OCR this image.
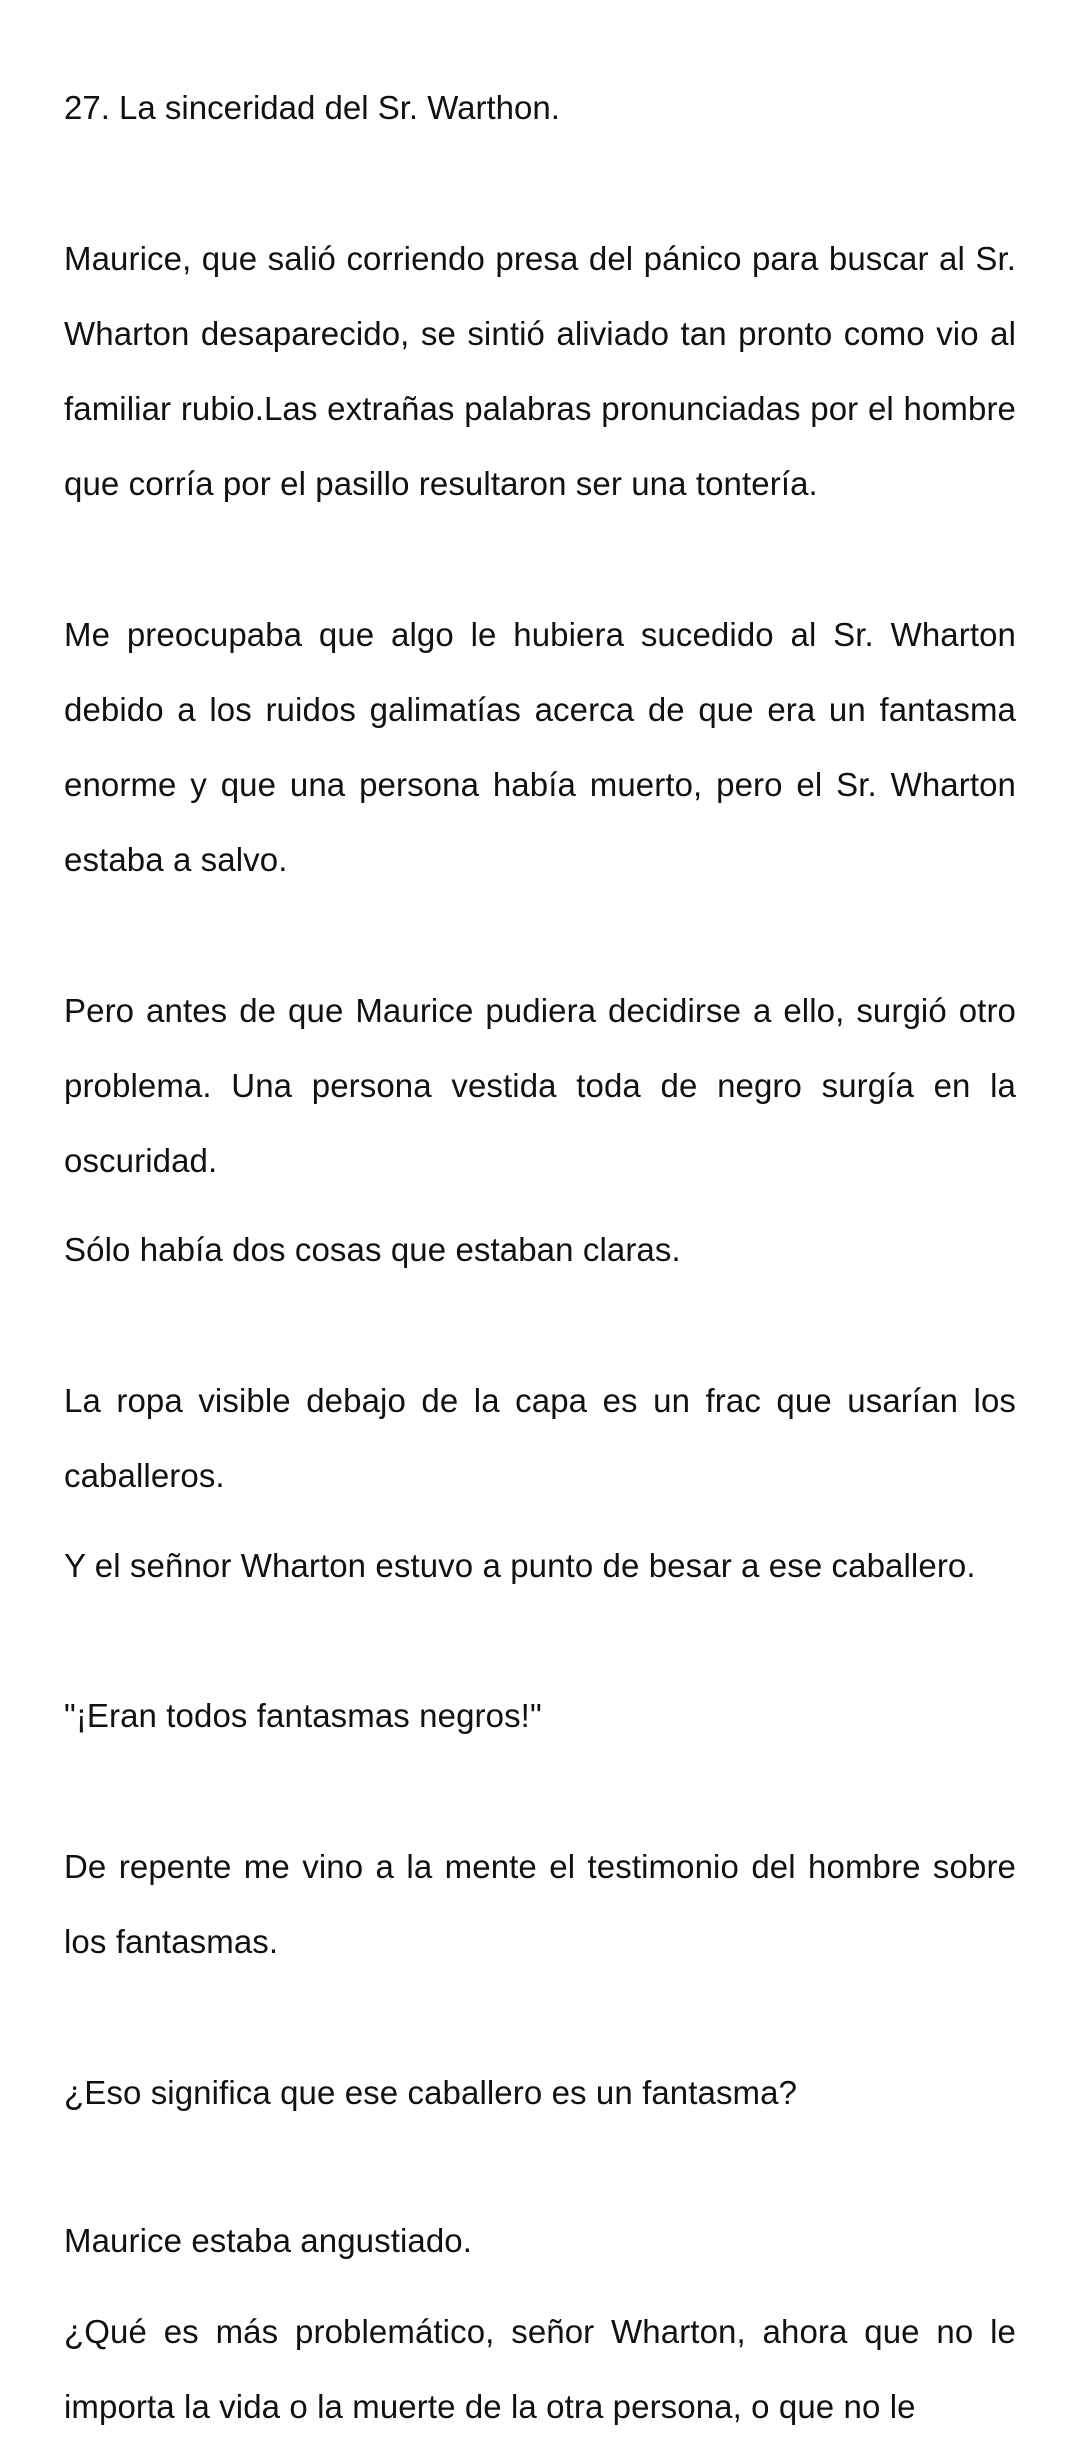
27. La sinceridad del Sr. Warthon.

Maurice, que salió corriendo presa del pánico para buscar al Sr. Wharton desaparecido, se sintió aliviado tan pronto como vio al familiar rubio.Las extrañas palabras pronunciadas por el hombre que corría por el pasillo resultaron ser una tontería.

Me preocupaba que algo le hubiera sucedido al Sr. Wharton debido a los ruidos galimatías acerca de que era un fantasma enorme y que una persona había muerto, pero el Sr. Wharton estaba a salvo.

Pero antes de que Maurice pudiera decidirse a ello, surgió otro problema. Una persona vestida toda de negro surgía en la oscuridad.

Sólo había dos cosas que estaban claras.

La ropa visible debajo de la capa es un frac que usarían los caballeros.

Y el señnor Wharton estuvo a punto de besar a ese caballero.

"¡Eran todos fantasmas negros!"

De repente me vino a la mente el testimonio del hombre sobre los fantasmas.

¿Eso significa que ese caballero es un fantasma?

Maurice estaba angustiado.

¿Qué es más problemático, señor Wharton, ahora que no le importa la vida o la muerte de la otra persona, o que no le
